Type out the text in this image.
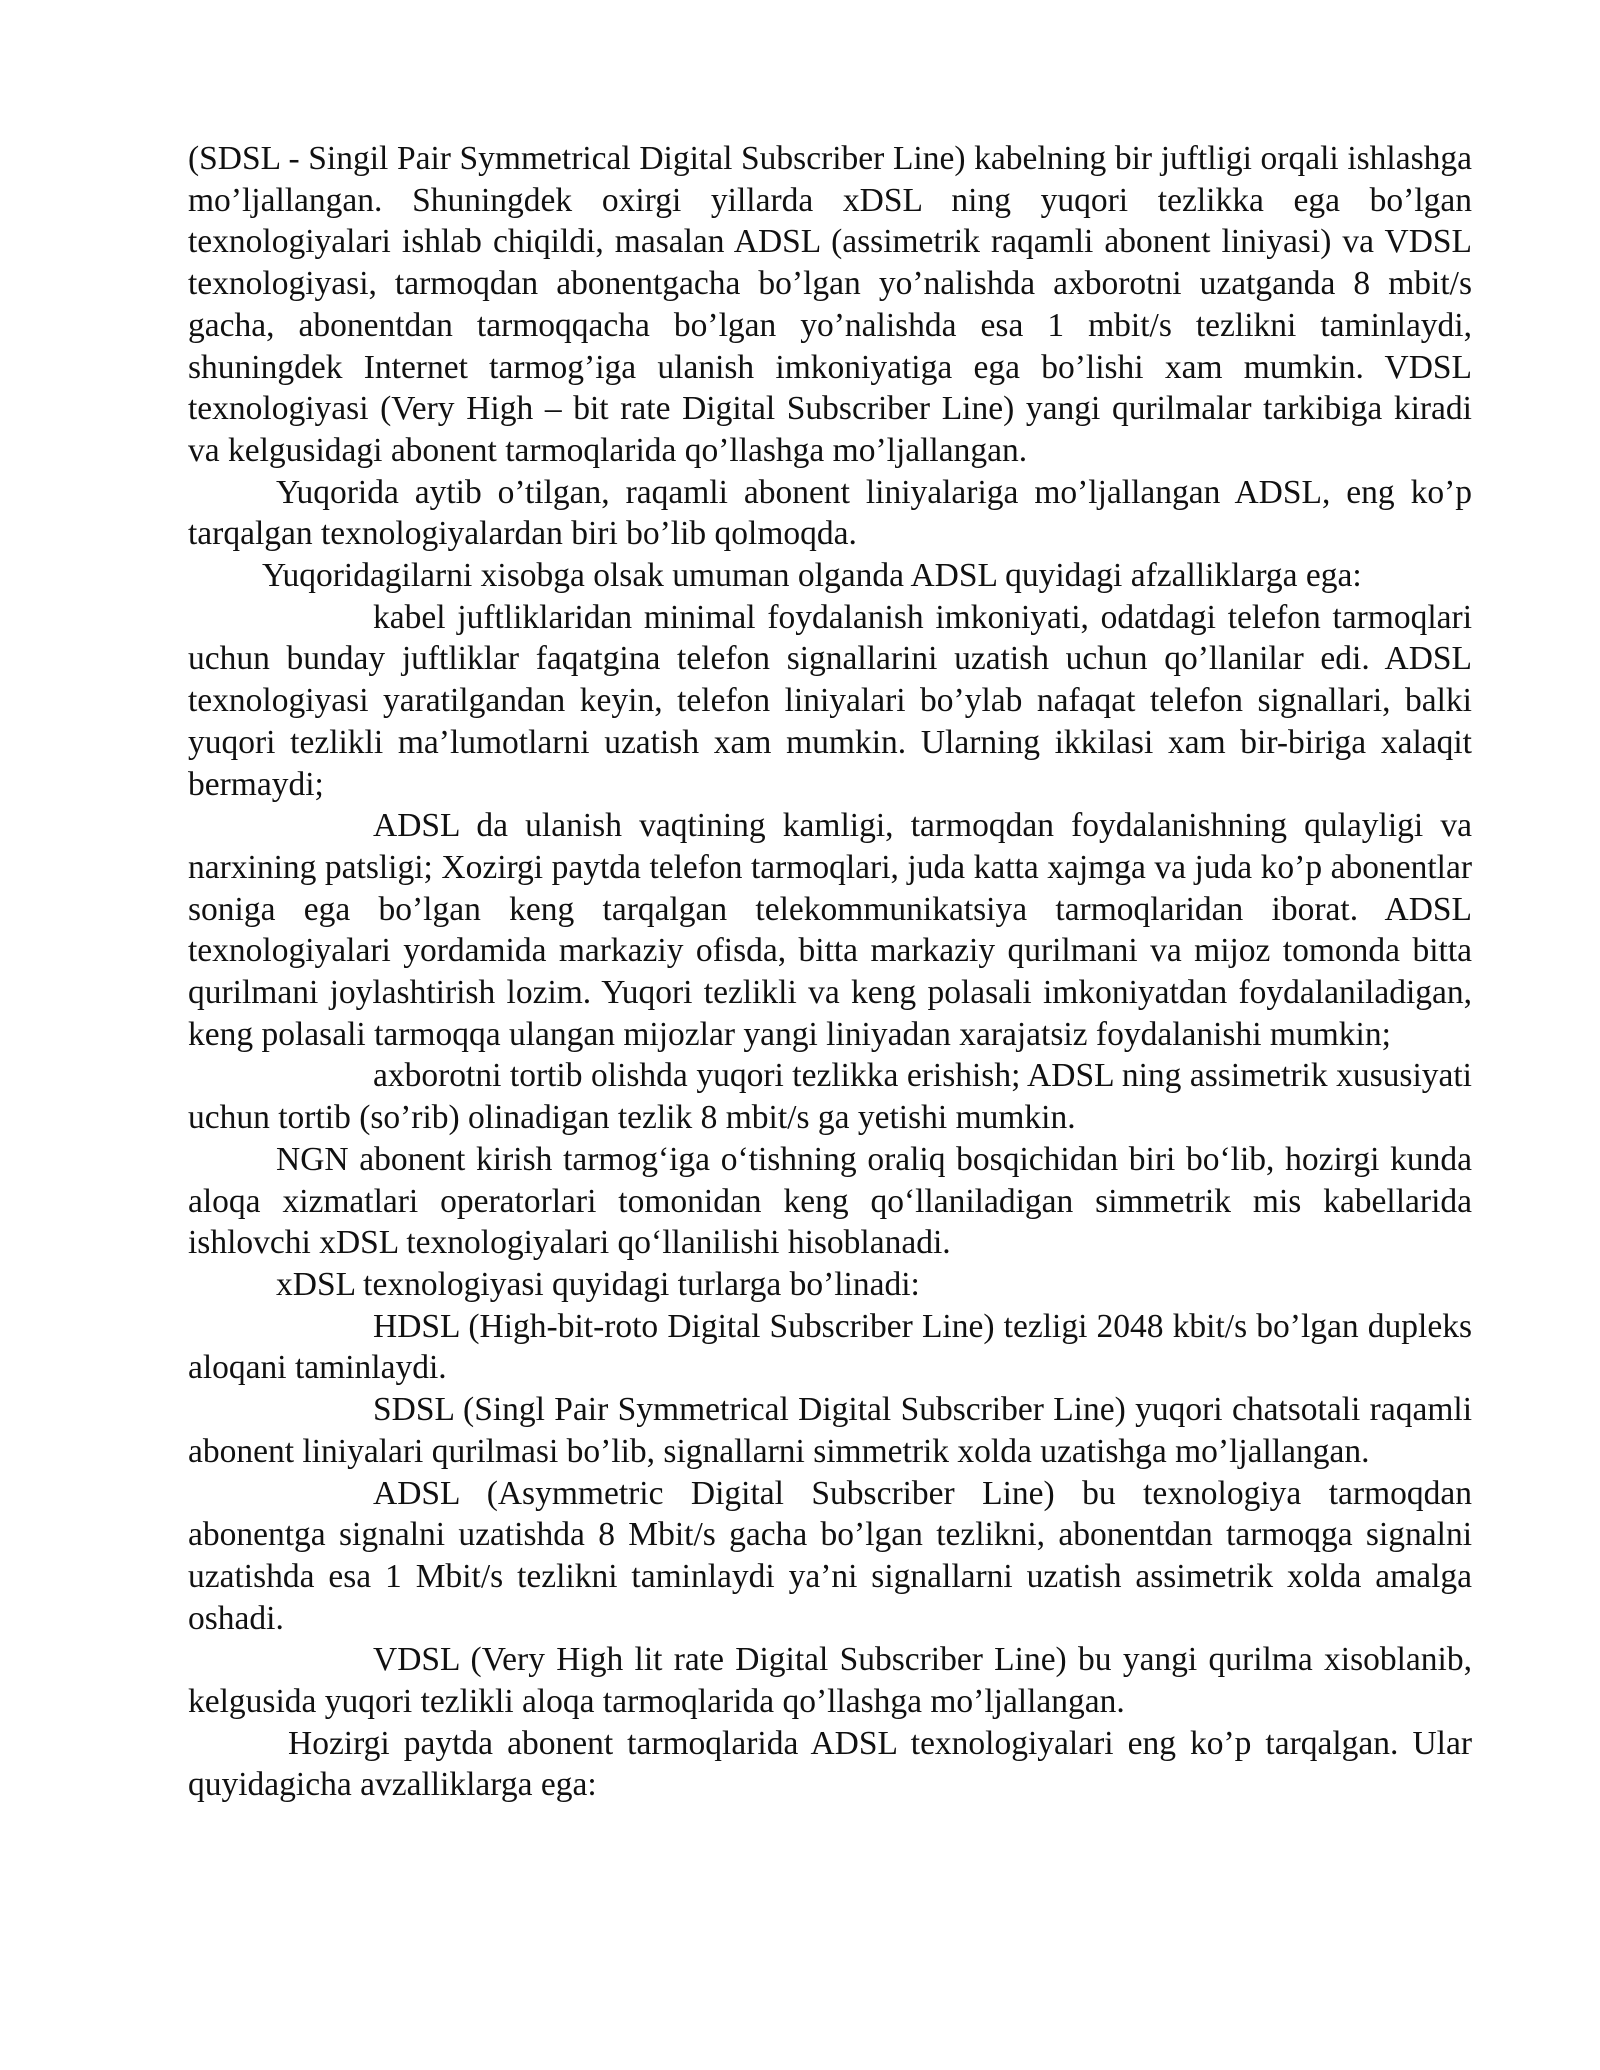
(SDSL - Singil Pair Symmetrical Digital Subscriber Line) kabelning bir juftligi orqali ishlashga mo’ljallangan. Shuningdek oxirgi yillarda xDSL ning yuqori tezlikka ega bo’lgan texnologiyalari ishlab chiqildi, masalan ADSL (assimetrik raqamli abonent liniyasi) va VDSL texnologiyasi, tarmoqdan abonentgacha bo’lgan yo’nalishda axborotni uzatganda 8 mbit/s gacha, abonentdan tarmoqqacha bo’lgan yo’nalishda esa 1 mbit/s tezlikni taminlaydi, shuningdek Internet tarmog’iga ulanish imkoniyatiga ega bo’lishi xam mumkin. VDSL texnologiyasi (Very High – bit rate Digital Subscriber Line) yangi qurilmalar tarkibiga kiradi va kelgusidagi abonent tarmoqlarida qo’llashga mo’ljallangan.

Yuqorida aytib o’tilgan, raqamli abonent liniyalariga mo’ljallangan ADSL, eng ko’p tarqalgan texnologiyalardan biri bo’lib qolmoqda.

Yuqoridagilarni xisobga olsak umuman olganda ADSL quyidagi afzalliklarga ega:

kabel juftliklaridan minimal foydalanish imkoniyati, odatdagi telefon tarmoqlari uchun bunday juftliklar faqatgina telefon signallarini uzatish uchun qo’llanilar edi. ADSL texnologiyasi yaratilgandan keyin, telefon liniyalari bo’ylab nafaqat telefon signallari, balki yuqori tezlikli ma’lumotlarni uzatish xam mumkin. Ularning ikkilasi xam bir-biriga xalaqit bermaydi;

ADSL da ulanish vaqtining kamligi, tarmoqdan foydalanishning qulayligi va narxining patsligi; Xozirgi paytda telefon tarmoqlari, juda katta xajmga va juda ko’p abonentlar soniga ega bo’lgan keng tarqalgan telekommunikatsiya tarmoqlaridan iborat. ADSL texnologiyalari yordamida markaziy ofisda, bitta markaziy qurilmani va mijoz tomonda bitta qurilmani joylashtirish lozim. Yuqori tezlikli va keng polasali imkoniyatdan foydalaniladigan, keng polasali tarmoqqa ulangan mijozlar yangi liniyadan xarajatsiz foydalanishi mumkin;

axborotni tortib olishda yuqori tezlikka erishish; ADSL ning assimetrik xususiyati uchun tortib (so’rib) olinadigan tezlik 8 mbit/s ga yetishi mumkin.

NGN abonent kirish tarmog‘iga o‘tishning oraliq bosqichidan biri bo‘lib, hozirgi kunda aloqa xizmatlari operatorlari tomonidan keng qo‘llaniladigan simmetrik mis kabellarida ishlovchi xDSL texnologiyalari qo‘llanilishi hisoblanadi.

xDSL texnologiyasi quyidagi turlarga bo’linadi:

HDSL (High-bit-roto Digital Subscriber Line) tezligi 2048 kbit/s bo’lgan dupleks aloqani taminlaydi.

SDSL (Singl Pair Symmetrical Digital Subscriber Line) yuqori chatsotali raqamli abonent liniyalari qurilmasi bo’lib, signallarni simmetrik xolda uzatishga mo’ljallangan.

ADSL (Asymmetric Digital Subscriber Line) bu texnologiya tarmoqdan abonentga signalni uzatishda 8 Mbit/s gacha bo’lgan tezlikni, abonentdan tarmoqga signalni uzatishda esa 1 Mbit/s tezlikni taminlaydi ya’ni signallarni uzatish assimetrik xolda amalga oshadi.

VDSL (Very High lit rate Digital Subscriber Line) bu yangi qurilma xisoblanib, kelgusida yuqori tezlikli aloqa tarmoqlarida qo’llashga mo’ljallangan.

Hozirgi paytda abonent tarmoqlarida ADSL texnologiyalari eng ko’p tarqalgan. Ular quyidagicha avzalliklarga ega:
